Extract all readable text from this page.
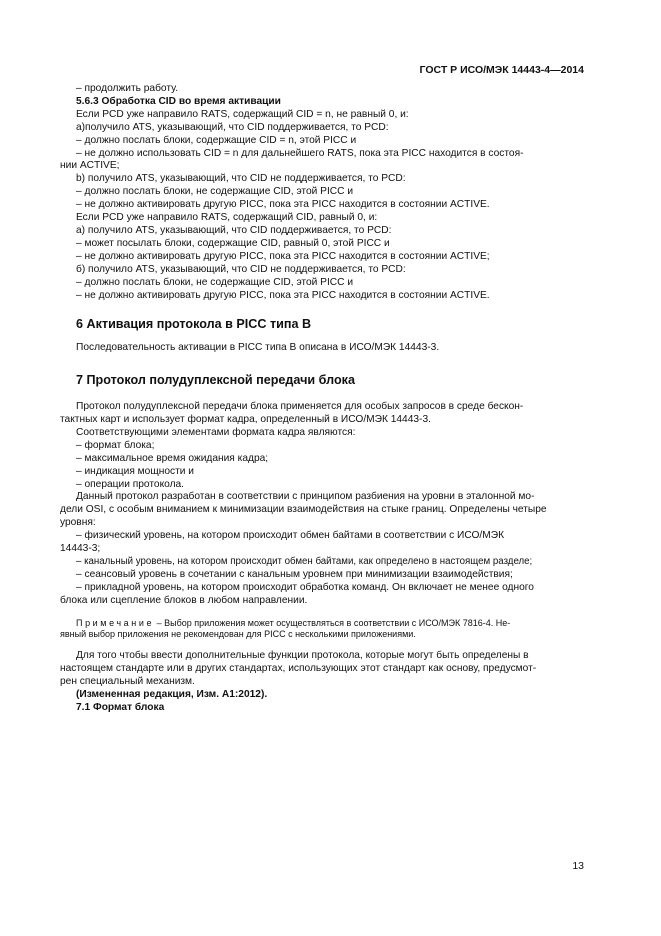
ГОСТ Р ИСО/МЭК 14443-4—2014
– продолжить работу.
5.6.3 Обработка CID во время активации
Если PCD уже направило RATS, содержащий CID = n, не равный 0, и:
а)получило ATS, указывающий, что CID поддерживается, то PCD:
– должно послать блоки, содержащие CID = n, этой PICC и
– не должно использовать CID = n для дальнейшего RATS, пока эта PICC находится в состоя-
нии ACTIVE;
b) получило ATS, указывающий, что CID не поддерживается, то PCD:
– должно послать блоки, не содержащие CID, этой PICC и
– не должно активировать другую PICC, пока эта PICC находится в состоянии ACTIVE.
Если PCD уже направило RATS, содержащий CID, равный 0, и:
а) получило ATS, указывающий, что CID поддерживается, то PCD:
– может посылать блоки, содержащие CID, равный 0, этой PICC и
– не должно активировать другую PICC, пока эта PICC находится в состоянии ACTIVE;
б) получило ATS, указывающий, что CID не поддерживается, то PCD:
– должно послать блоки, не содержащие CID, этой PICC и
– не должно активировать другую PICC, пока эта PICC находится в состоянии ACTIVE.
6 Активация протокола в PICC типа B
Последовательность активации в PICC типа B описана в ИСО/МЭК 14443-3.
7 Протокол полудуплексной передачи блока
Протокол полудуплексной передачи блока применяется для особых запросов в среде бескон-
тактных карт и использует формат кадра, определенный в ИСО/МЭК 14443-3.
Соответствующими элементами формата кадра являются:
– формат блока;
– максимальное время ожидания кадра;
– индикация мощности и
– операции протокола.
Данный протокол разработан в соответствии с принципом разбиения на уровни в эталонной мо-
дели OSI, с особым вниманием к минимизации взаимодействия на стыке границ. Определены четыре
уровня:
– физический уровень, на котором происходит обмен байтами в соответствии с ИСО/МЭК
14443-3;
– канальный уровень, на котором происходит обмен байтами, как определено в настоящем разделе;
– сеансовый уровень в сочетании с канальным уровнем при минимизации взаимодействия;
– прикладной уровень, на котором происходит обработка команд. Он включает не менее одного
блока или сцепление блоков в любом направлении.
Примечание – Выбор приложения может осуществляться в соответствии с ИСО/МЭК 7816-4. Не-
явный выбор приложения не рекомендован для PICC с несколькими приложениями.
Для того чтобы ввести дополнительные функции протокола, которые могут быть определены в
настоящем стандарте или в других стандартах, использующих этот стандарт как основу, предусмот-
рен специальный механизм.
(Измененная редакция, Изм. А1:2012).
7.1 Формат блока
13
